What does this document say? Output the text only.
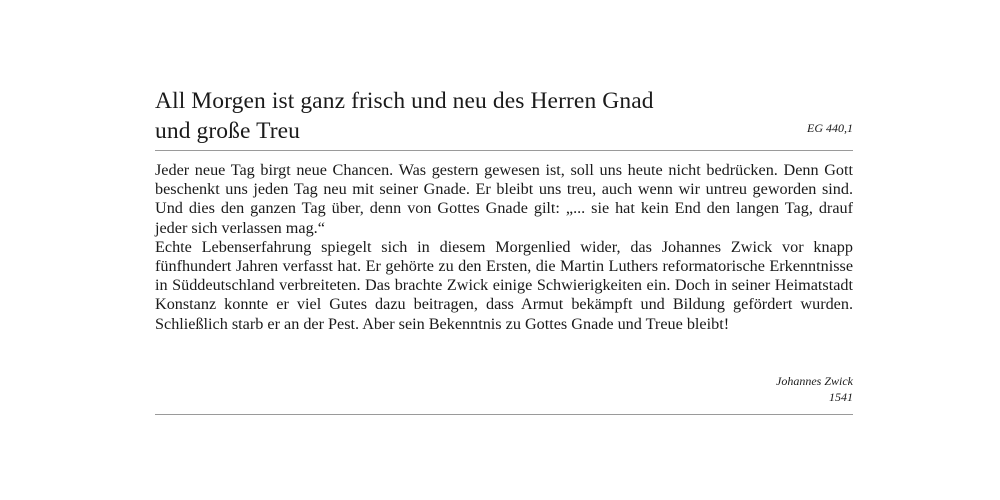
All Morgen ist ganz frisch und neu des Herren Gnad
und große Treu	EG 440,1

Jeder neue Tag birgt neue Chancen. Was gestern gewesen ist, soll uns heute nicht bedrücken. Denn Gott beschenkt uns jeden Tag neu mit seiner Gnade. Er bleibt uns treu, auch wenn wir untreu geworden sind. Und dies den ganzen Tag über, denn von Gottes Gnade gilt: „... sie hat kein End den langen Tag, drauf jeder sich verlassen mag.“

Echte Lebenserfahrung spiegelt sich in diesem Morgenlied wider, das Johannes Zwick vor knapp fünfhundert Jahren verfasst hat. Er gehörte zu den Ersten, die Martin Luthers reformatorische Erkenntnisse in Süddeutschland verbreiteten. Das brachte Zwick einige Schwierigkeiten ein. Doch in seiner Heimatstadt Konstanz konnte er viel Gutes dazu beitragen, dass Armut bekämpft und Bildung gefördert wurden. Schließlich starb er an der Pest. Aber sein Bekenntnis zu Gottes Gnade und Treue bleibt!

Johannes Zwick
1541
